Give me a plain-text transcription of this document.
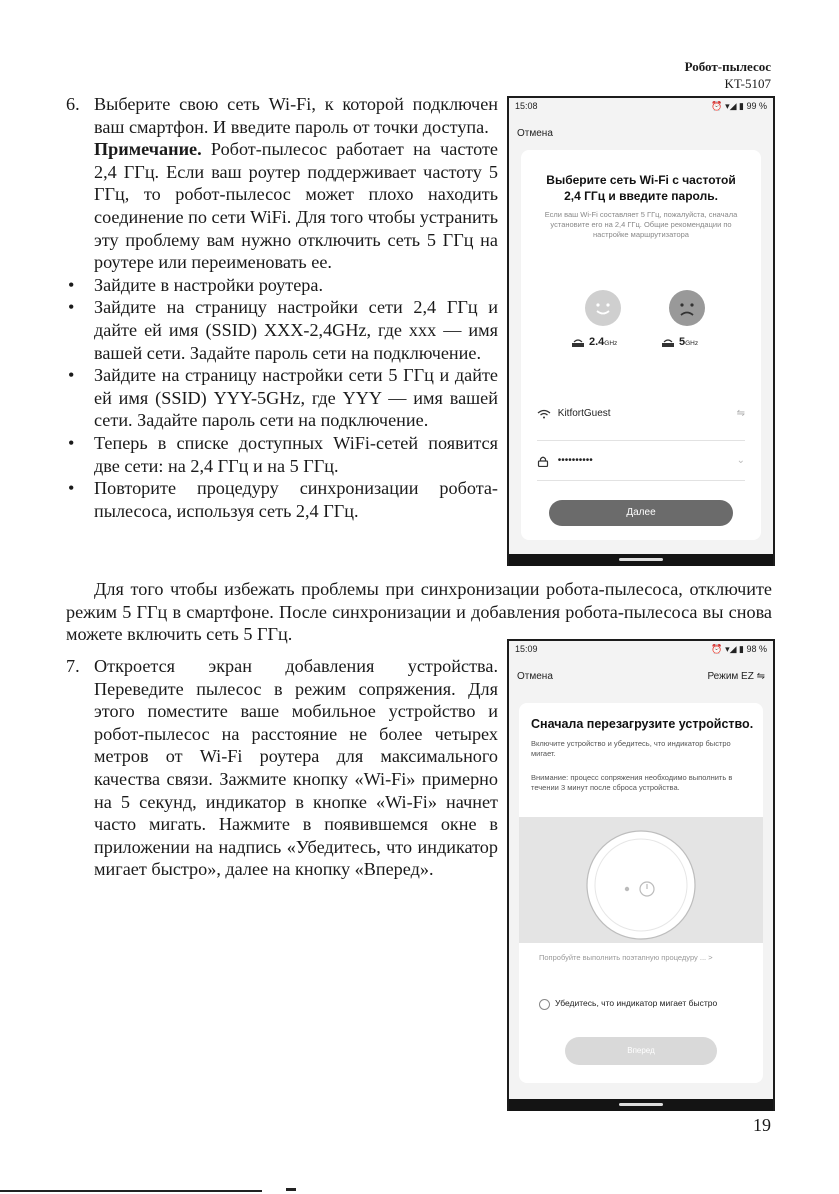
Робот-пылесос
KT-5107
6. Выберите свою сеть Wi-Fi, к которой подключен ваш смартфон. И введите пароль от точки доступа.
Примечание. Робот-пылесос работает на частоте 2,4 ГГц. Если ваш роутер поддерживает частоту 5 ГГц, то робот-пылесос может плохо находить соединение по сети WiFi. Для того чтобы устранить эту проблему вам нужно отключить сеть 5 ГГц на роутере или переименовать ее.
• Зайдите в настройки роутера.
• Зайдите на страницу настройки сети 2,4 ГГц и дайте ей имя (SSID) XXX-2,4GHz, где xxx — имя вашей сети. Задайте пароль сети на подключение.
• Зайдите на страницу настройки сети 5 ГГц и дайте ей имя (SSID) YYY-5GHz, где YYY — имя вашей сети. Задайте пароль сети на подключение.
• Теперь в списке доступных WiFi-сетей появится две сети: на 2,4 ГГц и на 5 ГГц.
• Повторите процедуру синхронизации робота-пылесоса, используя сеть 2,4 ГГц.
Для того чтобы избежать проблемы при синхронизации робота-пылесоса, отключите режим 5 ГГц в смартфоне. После синхронизации и добавления робота-пылесоса вы снова можете включить сеть 5 ГГц.
7. Откроется экран добавления устройства. Переведите пылесос в режим сопряжения. Для этого поместите ваше мобильное устройство и робот-пылесос на расстояние не более четырех метров от Wi-Fi роутера для максимального качества связи. Зажмите кнопку «Wi-Fi» примерно на 5 секунд, индикатор в кнопке «Wi-Fi» начнет часто мигать. Нажмите в появившемся окне в приложении на надпись «Убедитесь, что индикатор мигает быстро», далее на кнопку «Вперед».
15:08	⏰ ▾◢ ▮ 99 %
Отмена
Выберите сеть Wi-Fi с частотой 2,4 ГГц и введите пароль.
Если ваш Wi-Fi составляет 5 ГГц, пожалуйста, сначала установите его на 2,4 ГГц. Общие рекомендации по настройке маршрутизатора
2.4GHz	5GHz
KitfortGuest	⇋
••••••••••	⌄
Далее
15:09	⏰ ▾◢ ▮ 98 %
Отмена	Режим EZ ⇋
Сначала перезагрузите устройство.
Включите устройство и убедитесь, что индикатор быстро мигает.
Внимание: процесс сопряжения необходимо выполнить в течении 3 минут после сброса устройства.
Попробуйте выполнить поэтапную процедуру ... >
Убедитесь, что индикатор мигает быстро
Вперед
19
